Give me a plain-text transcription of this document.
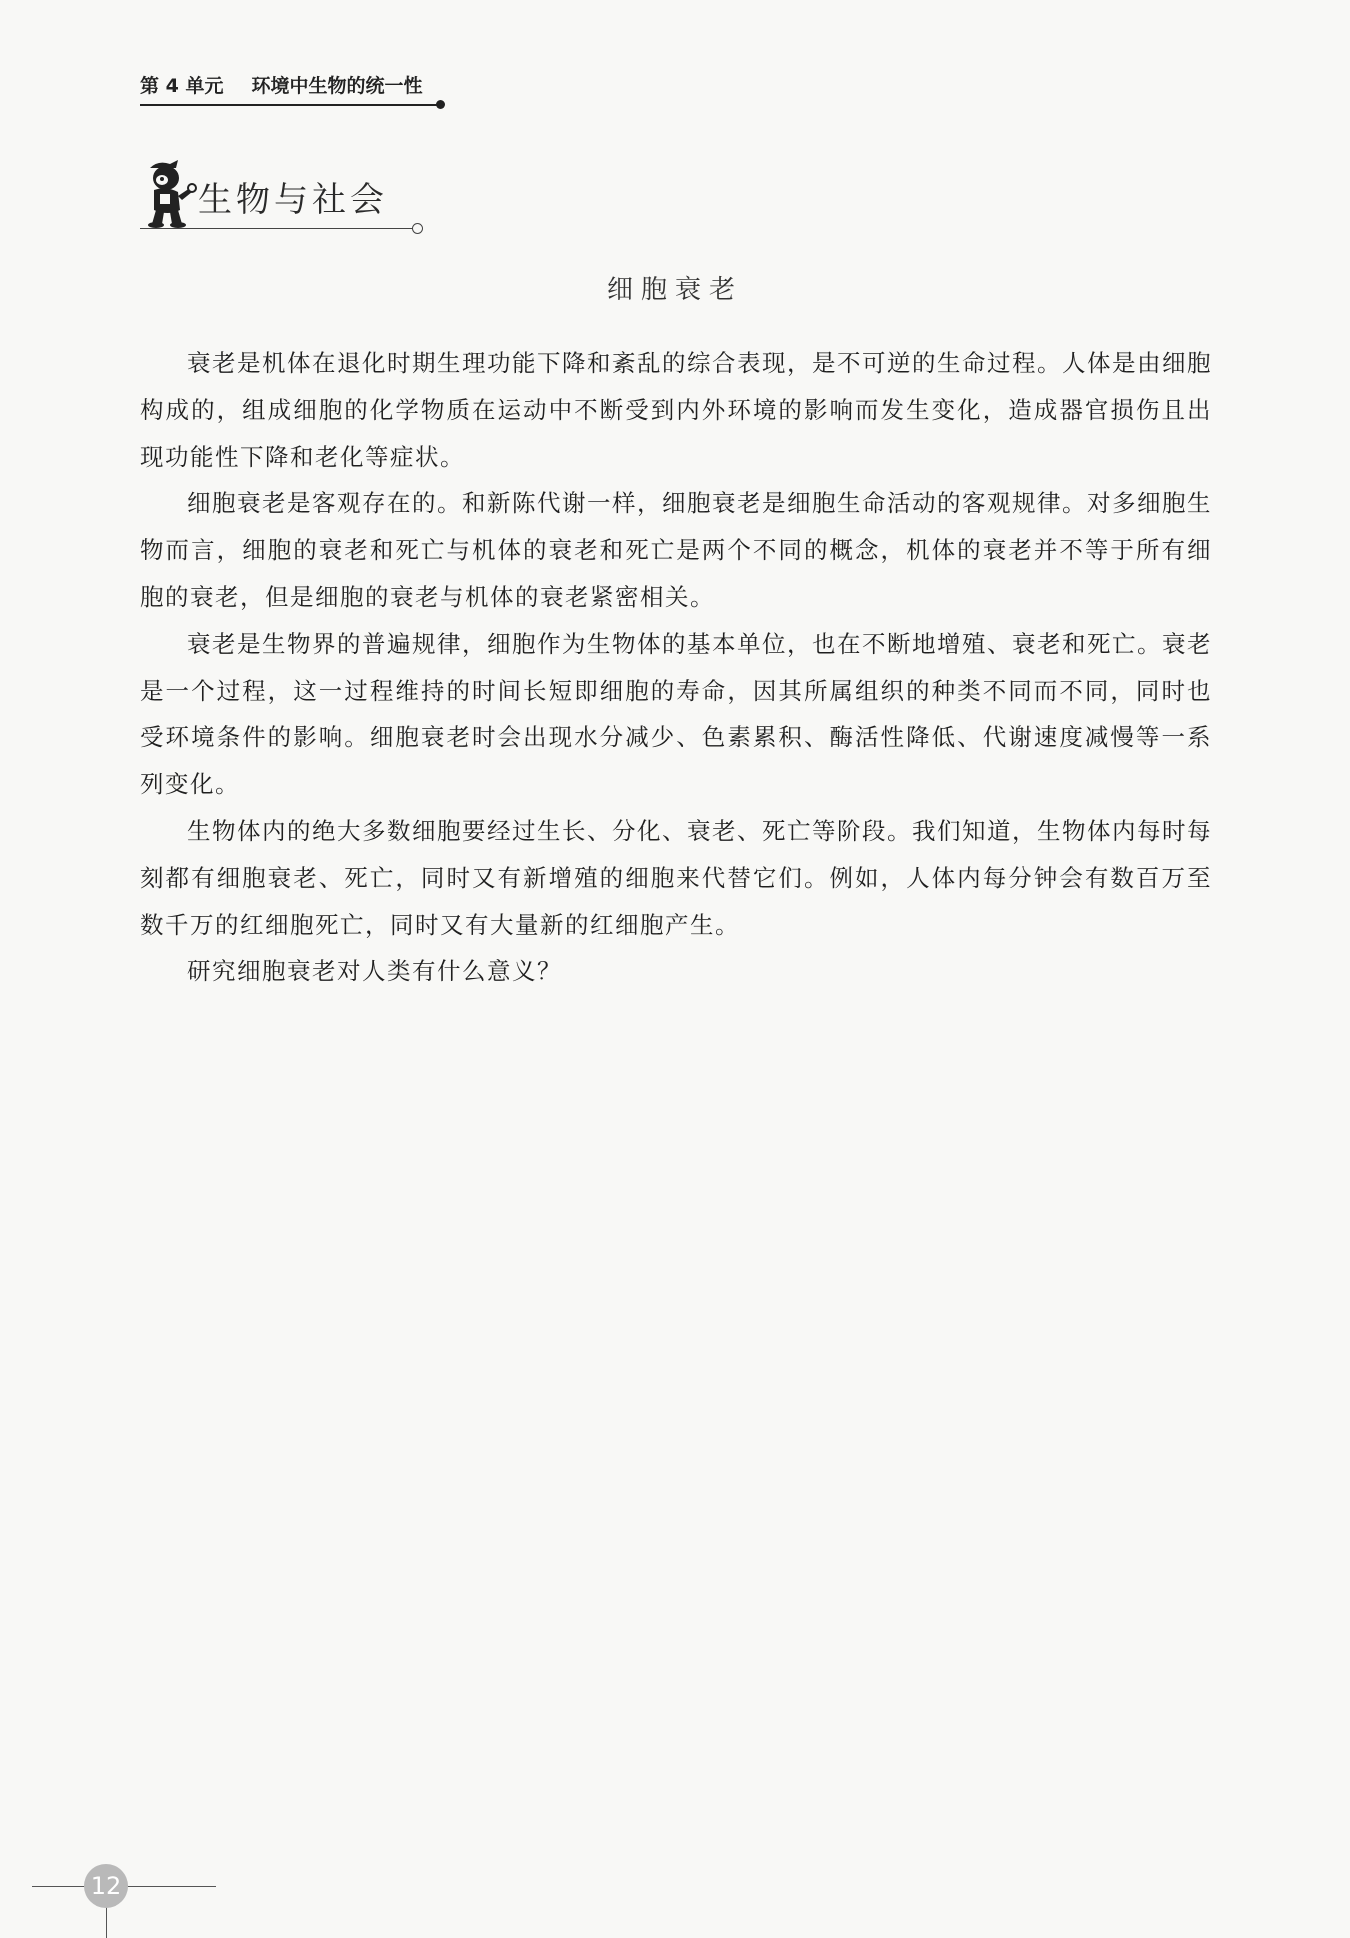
第 4 单元 环境中生物的统一性
生物与社会
细胞衰老

衰老是机体在退化时期生理功能下降和紊乱的综合表现，是不可逆的生命过程。人体是由细胞构成的，组成细胞的化学物质在运动中不断受到内外环境的影响而发生变化，造成器官损伤且出现功能性下降和老化等症状。

细胞衰老是客观存在的。和新陈代谢一样，细胞衰老是细胞生命活动的客观规律。对多细胞生物而言，细胞的衰老和死亡与机体的衰老和死亡是两个不同的概念，机体的衰老并不等于所有细胞的衰老，但是细胞的衰老与机体的衰老紧密相关。

衰老是生物界的普遍规律，细胞作为生物体的基本单位，也在不断地增殖、衰老和死亡。衰老是一个过程，这一过程维持的时间长短即细胞的寿命，因其所属组织的种类不同而不同，同时也受环境条件的影响。细胞衰老时会出现水分减少、色素累积、酶活性降低、代谢速度减慢等一系列变化。

生物体内的绝大多数细胞要经过生长、分化、衰老、死亡等阶段。我们知道，生物体内每时每刻都有细胞衰老、死亡，同时又有新增殖的细胞来代替它们。例如，人体内每分钟会有数百万至数千万的红细胞死亡，同时又有大量新的红细胞产生。

研究细胞衰老对人类有什么意义？

12
